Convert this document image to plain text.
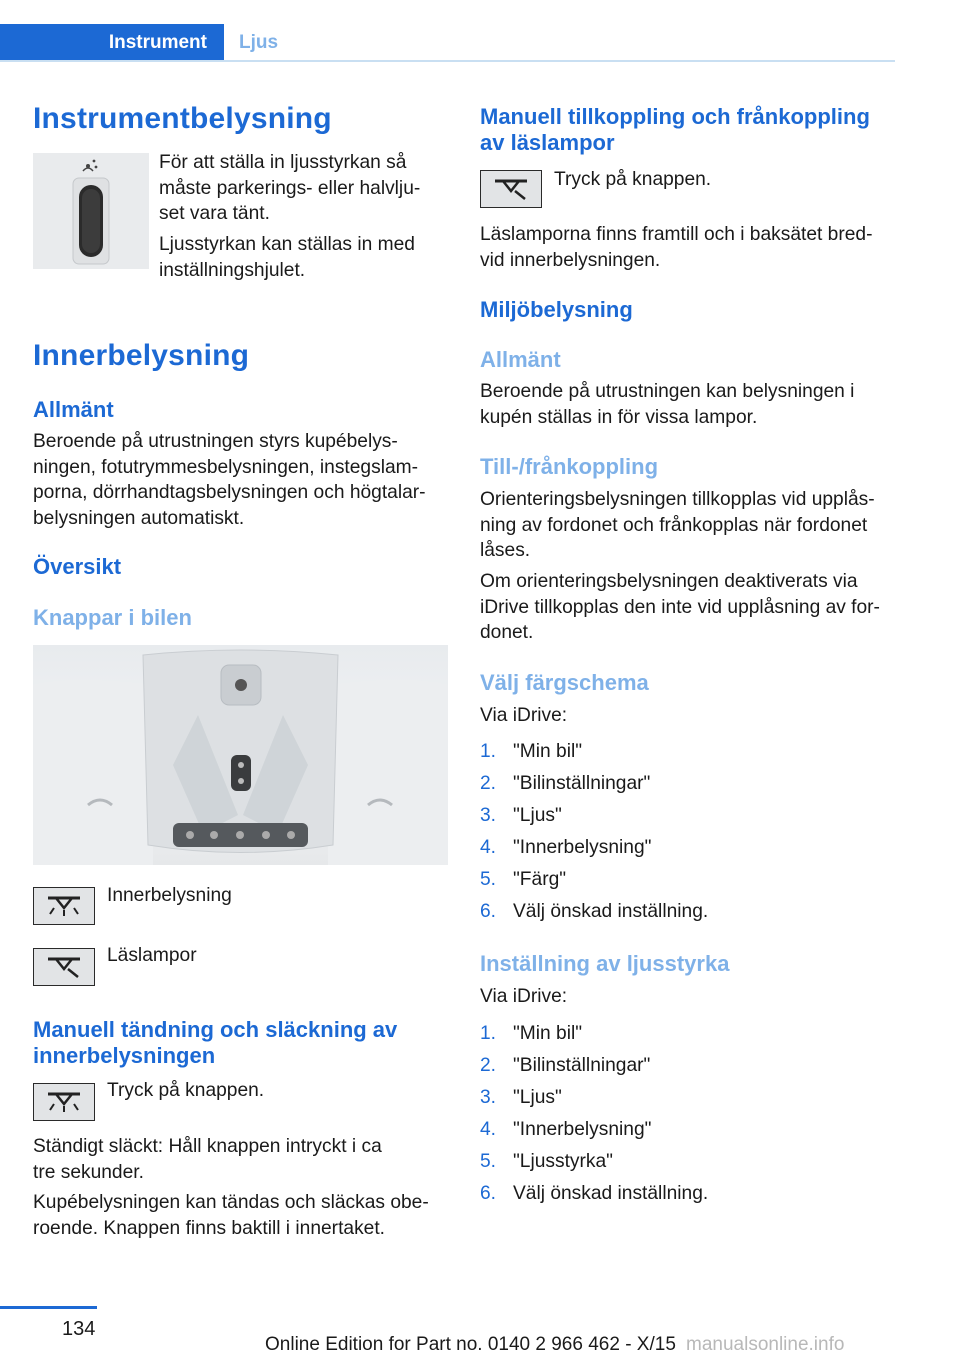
Instrument Ljus
Instrumentbelysning
För att ställa in ljusstyrkan så
måste parkerings- eller halvlju-
set vara tänt.
Ljusstyrkan kan ställas in med
inställningshjulet.
Innerbelysning
Allmänt
Beroende på utrustningen styrs kupébelys-
ningen, fotutrymmesbelysningen, instegslam-
porna, dörrhandtagsbelysningen och högtalar-
belysningen automatiskt.
Översikt
Knappar i bilen
Innerbelysning
Läslampor
Manuell tändning och släckning av
innerbelysningen
Tryck på knappen.
Ständigt släckt: Håll knappen intryckt i ca
tre sekunder.
Kupébelysningen kan tändas och släckas obe-
roende. Knappen finns baktill i innertaket.
Manuell tillkoppling och frånkoppling
av läslampor
Tryck på knappen.
Läslamporna finns framtill och i baksätet bred-
vid innerbelysningen.
Miljöbelysning
Allmänt
Beroende på utrustningen kan belysningen i
kupén ställas in för vissa lampor.
Till-/frånkoppling
Orienteringsbelysningen tillkopplas vid upplås-
ning av fordonet och frånkopplas när fordonet
låses.
Om orienteringsbelysningen deaktiverats via
iDrive tillkopplas den inte vid upplåsning av for-
donet.
Välj färgschema
Via iDrive:
1. "Min bil"
2. "Bilinställningar"
3. "Ljus"
4. "Innerbelysning"
5. "Färg"
6. Välj önskad inställning.
Inställning av ljusstyrka
Via iDrive:
1. "Min bil"
2. "Bilinställningar"
3. "Ljus"
4. "Innerbelysning"
5. "Ljusstyrka"
6. Välj önskad inställning.
134
Online Edition for Part no. 0140 2 966 462 - X/15 manualsonline.info
